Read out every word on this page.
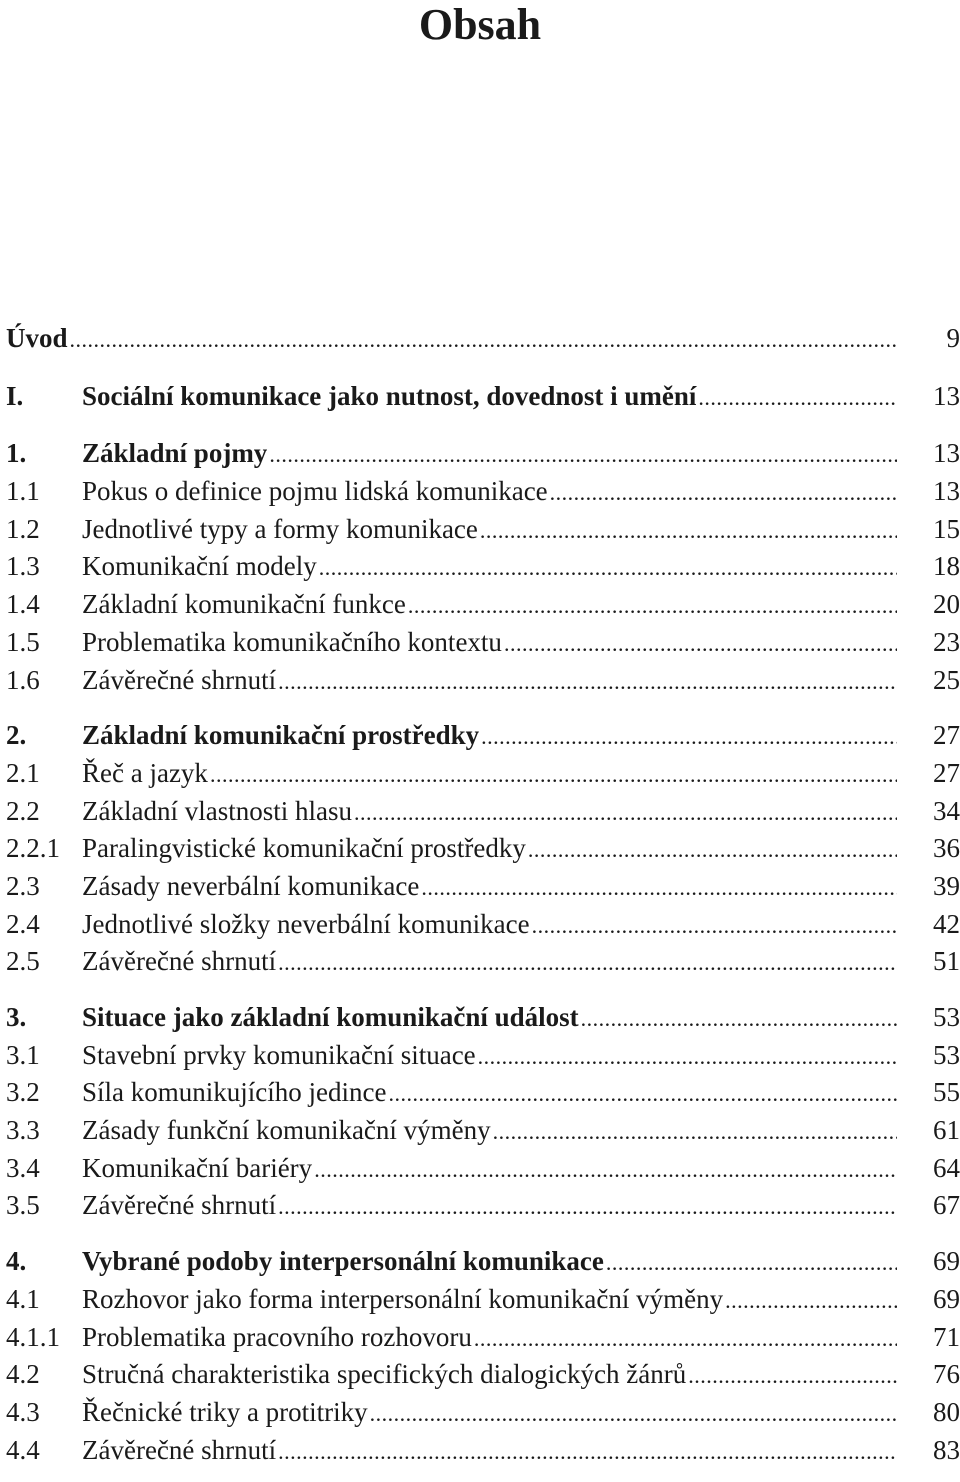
Obsah
Úvod .....	9
I.	Sociální komunikace jako nutnost, dovednost i umění .....	13
1.	Základní pojmy .....	13
1.1	Pokus o definice pojmu lidská komunikace .....	13
1.2	Jednotlivé typy a formy komunikace .....	15
1.3	Komunikační modely .....	18
1.4	Základní komunikační funkce .....	20
1.5	Problematika komunikačního kontextu .....	23
1.6	Závěrečné shrnutí .....	25
2.	Základní komunikační prostředky .....	27
2.1	Řeč a jazyk .....	27
2.2	Základní vlastnosti hlasu .....	34
2.2.1 Paralingvistické komunikační prostředky .....	36
2.3	Zásady neverbální komunikace .....	39
2.4	Jednotlivé složky neverbální komunikace .....	42
2.5	Závěrečné shrnutí .....	51
3.	Situace jako základní komunikační událost .....	53
3.1	Stavební prvky komunikační situace .....	53
3.2	Síla komunikujícího jedince .....	55
3.3	Zásady funkční komunikační výměny .....	61
3.4	Komunikační bariéry .....	64
3.5	Závěrečné shrnutí .....	67
4.	Vybrané podoby interpersonální komunikace .....	69
4.1	Rozhovor jako forma interpersonální komunikační výměny .....	69
4.1.1 Problematika pracovního rozhovoru .....	71
4.2	Stručná charakteristika specifických dialogických žánrů .....	76
4.3	Řečnické triky a protitriky .....	80
4.4	Závěrečné shrnutí .....	83
